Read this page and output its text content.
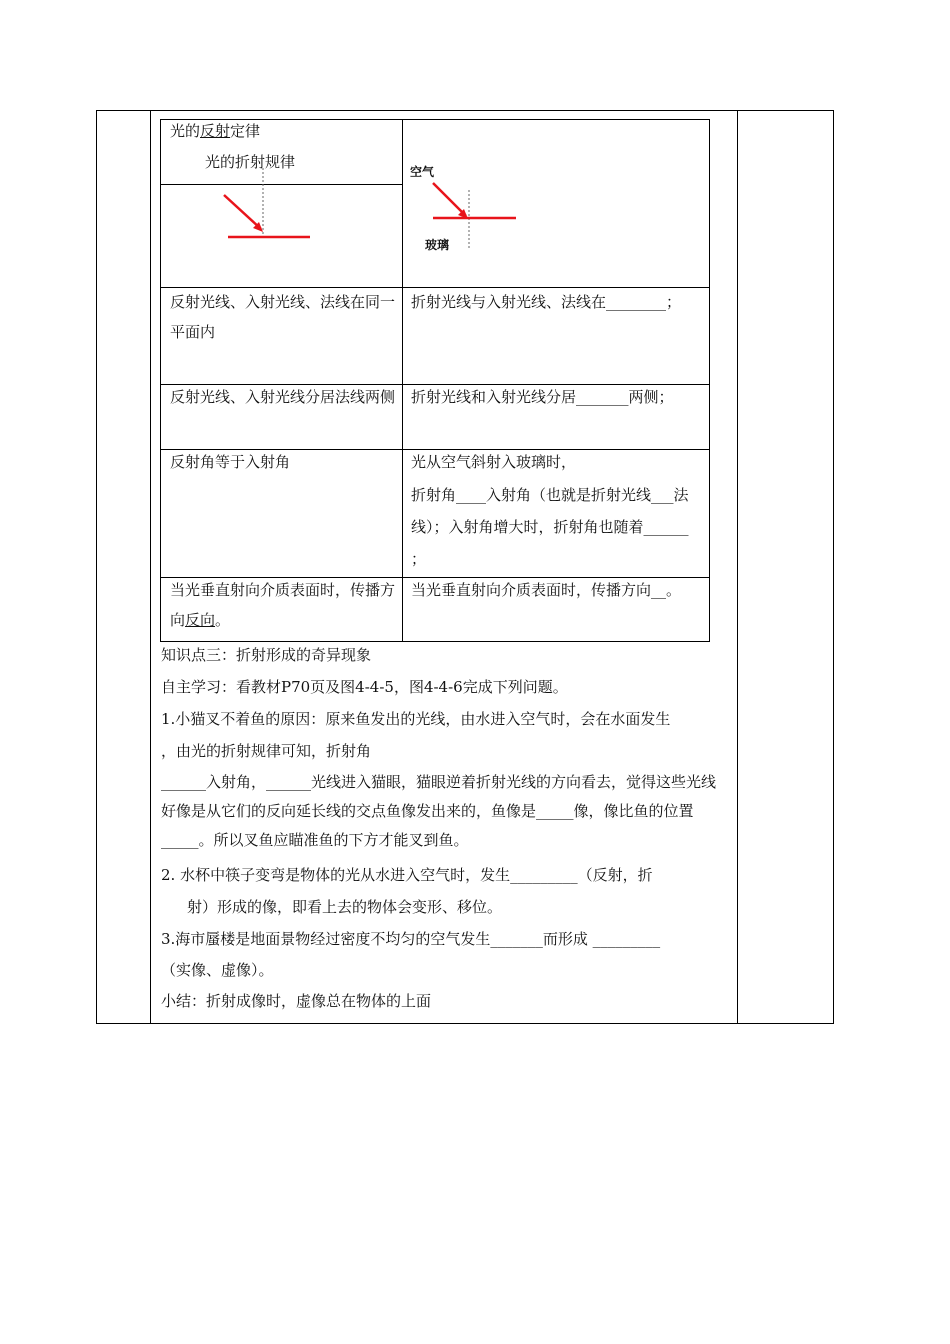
光的反射定律
光的折射规律
空气
玻璃
反射光线、入射光线、法线在同一平面内
折射光线与入射光线、法线在________；
反射光线、入射光线分居法线两侧 折射光线和入射光线分居_______两侧；
反射角等于入射角	光从空气斜射入玻璃时，
折射角____入射角（也就是折射光线___法线）；入射角增大时，折射角也随着______ ；
当光垂直射向介质表面时，传播方向反向。
当光垂直射向介质表面时，传播方向__。
知识点三：折射形成的奇异现象
自主学习：看教材P70页及图4-4-5，图4-4-6完成下列问题。
1.小猫叉不着鱼的原因：原来鱼发出的光线，由水进入空气时，会在水面发生
，由光的折射规律可知，折射角
______入射角，______光线进入猫眼，猫眼逆着折射光线的方向看去，觉得这些光线好像是从它们的反向延长线的交点鱼像发出来的，鱼像是_____像，像比鱼的位置_____。所以叉鱼应瞄准鱼的下方才能叉到鱼。
2. 水杯中筷子变弯是物体的光从水进入空气时，发生_________（反射，折
射）形成的像，即看上去的物体会变形、移位。
3.海市蜃楼是地面景物经过密度不均匀的空气发生_______而形成 _________
（实像、虚像）。
小结：折射成像时，虚像总在物体的上面
